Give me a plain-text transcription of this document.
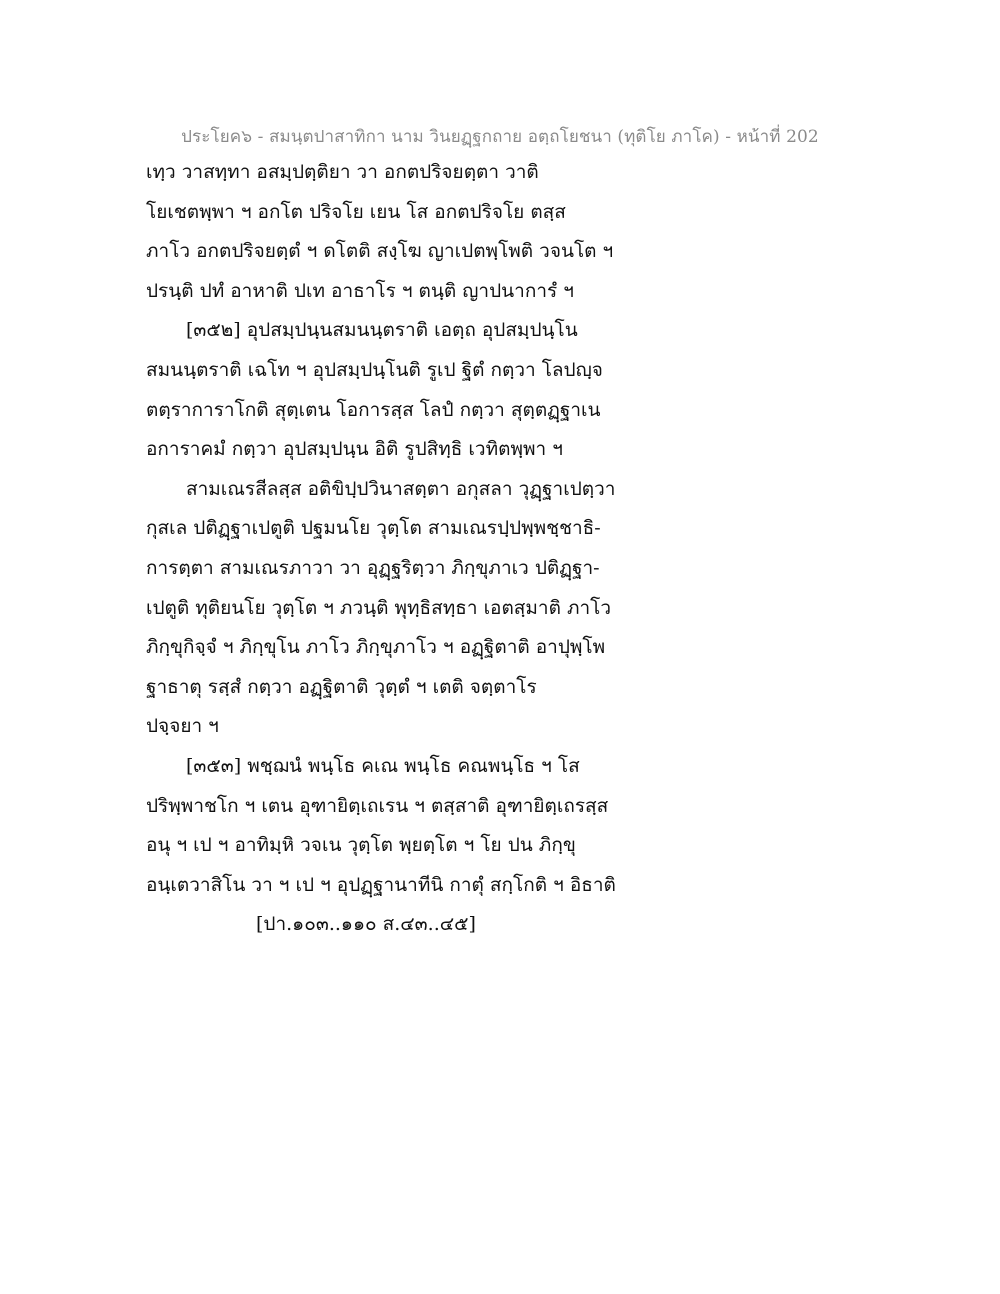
ประโยค๖ - สมนฺตปาสาทิกา นาม วินยฏฺฐกถาย อตฺถโยชนา (ทุติโย ภาโค) - หน้าที่ 202
เทฺว วาสทฺทา อสมฺปตฺติยา วา อกตปริจยตฺตา วาติ
โยเชตพฺพา ฯ อกโต ปริจโย เยน โส อกตปริจโย ตสฺส
ภาโว อกตปริจยตฺตํ ฯ ดโตติ สงฺโฆ ญาเปตพฺโพติ วจนโต ฯ
ปรนฺติ ปทํ อาหาติ ปเท อาธาโร ฯ ตนฺติ ญาปนาการํ ฯ
[๓๕๒] อุปสมฺปนฺนสมนนฺตราติ เอตฺถ อุปสมฺปนฺโน
สมนนฺตราติ เฉโท ฯ อุปสมฺปนฺโนติ รูเป ฐิตํ กตฺวา โลปญฺจ
ตตฺราการาโกติ สุตฺเตน โอการสฺส โลปํ กตฺวา สุตฺตฏฺฐาเน
อการาคมํ กตฺวา อุปสมฺปนฺน อิติ รูปสิทฺธิ เวทิตพฺพา ฯ
สามเณรสีลสฺส อติขิปฺปวินาสตฺตา อกุสลา วุฏฺฐาเปตฺวา
กุสเล ปติฏฺฐาเปตูติ ปฐมนโย วุตฺโต สามเณรปฺปพฺพชฺชาธิ-
การตฺตา สามเณรภาวา วา อุฏฺฐริตฺวา ภิกฺขุภาเว ปติฏฺฐา-
เปตูติ ทุติยนโย วุตฺโต ฯ ภวนฺติ พุทฺธิสทฺธา เอตสฺมาติ ภาโว
ภิกฺขุกิจฺจํ ฯ ภิกฺขุโน ภาโว ภิกฺขุภาโว ฯ อฏฺฐิตาติ อาปุพฺโพ
ฐาธาตุ รสฺสํ กตฺวา อฏฺฐิตาติ วุตฺตํ ฯ เตติ จตฺตาโร
ปจฺจยา ฯ
[๓๕๓] พชฺฌนํ พนฺโธ คเณ พนฺโธ คณพนฺโธ ฯ โส
ปริพฺพาชโก ฯ เตน อุฑายิตฺเถเรน ฯ ตสฺสาติ อุฑายิตฺเถรสฺส
อนุ ฯ เป ฯ อาทิมฺหิ วจเน วุตฺโต พฺยตฺโต ฯ โย ปน ภิกฺขุ
อนฺเตวาสิโน วา ฯ เป ฯ อุปฏฺฐานาทีนิ กาตุํ สกฺโกติ ฯ อิธาติ
[ปา.๑๐๓..๑๑๐ ส.๔๓..๔๕]
